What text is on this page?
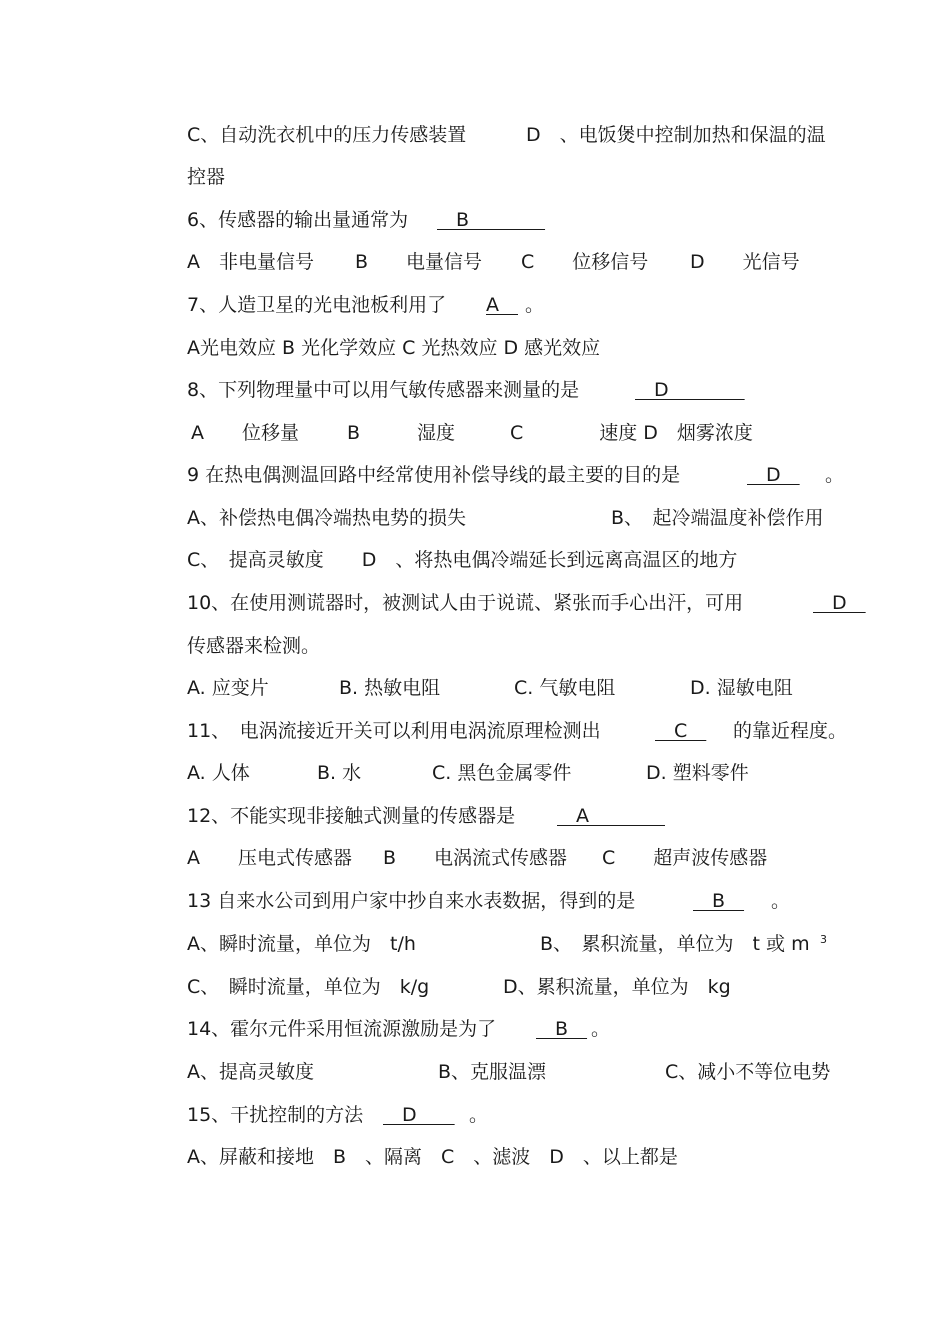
C、自动洗衣机中的压力传感装置	D　、电饭煲中控制加热和保温的温
控器
6、传感器的输出量通常为 　B　　　　
A　非电量信号 B　　电量信号 C　　位移信号 D　　光信号
7、人造卫星的光电池板利用了 A　 。
A光电效应 B 光化学效应 C 光热效应 D 感光效应
8、下列物理量中可以用气敏传感器来测量的是	　D　　　　
A　　位移量	B　　　湿度	C　　　　速度 D　烟雾浓度
9 在热电偶测温回路中经常使用补偿导线的最主要的目的是	　D　 。
A、补偿热电偶冷端热电势的损失	B、　起冷端温度补偿作用
C、　提高灵敏度　　D　、将热电偶冷端延长到远离高温区的地方
10、在使用测谎器时，被测试人由于说谎、紧张而手心出汗，可用	　D　
传感器来检测。
A. 应变片	B. 热敏电阻	C. 气敏电阻	D. 湿敏电阻
11、　电涡流接近开关可以利用电涡流原理检测出	　C　 的靠近程度。
A. 人体	B. 水	C. 黑色金属零件	D. 塑料零件
12、不能实现非接触式测量的传感器是 　A　　　　
A　　压电式传感器 B　　电涡流式传感器 C　　超声波传感器
13 自来水公司到用户家中抄自来水表数据，得到的是	　B　 。
A、瞬时流量，单位为　t/h	B、　累积流量，单位为　t 或 m 3
C、　瞬时流量，单位为　k/g	D、累积流量，单位为　kg
14、霍尔元件采用恒流源激励是为了 　B　 。
A、提高灵敏度	B、克服温漂	C、减小不等位电势
15、干扰控制的方法 　D　　 。
A、屏蔽和接地　B　、隔离　C　、滤波　D　、以上都是
